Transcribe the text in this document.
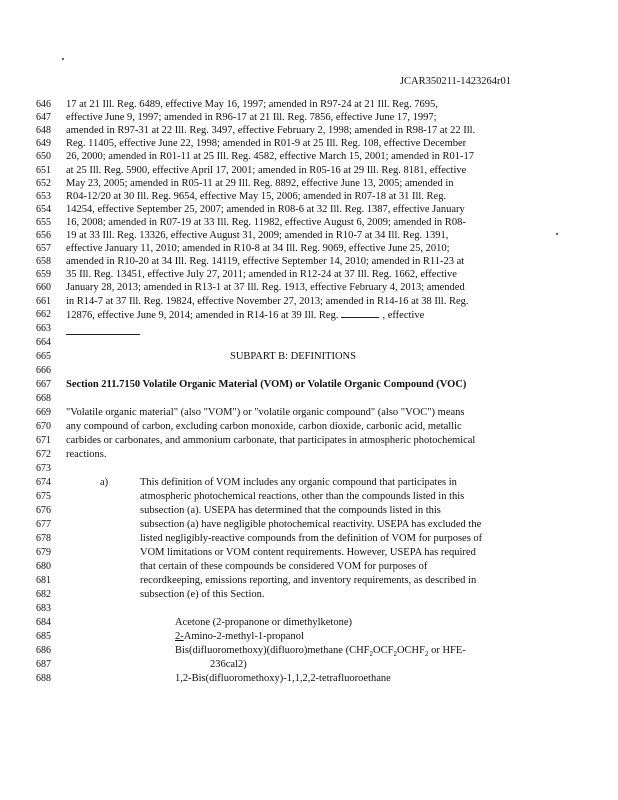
JCAR350211-1423264r01
646	17 at 21 Ill. Reg. 6489, effective May 16, 1997; amended in R97-24 at 21 Ill. Reg. 7695,
647	effective June 9, 1997; amended in R96-17 at 21 Ill. Reg. 7856, effective June 17, 1997;
648	amended in R97-31 at 22 Ill. Reg. 3497, effective February 2, 1998; amended in R98-17 at 22 Ill.
649	Reg. 11405, effective June 22, 1998; amended in R01-9 at 25 Ill. Reg. 108, effective December
650	26, 2000; amended in R01-11 at 25 Ill. Reg. 4582, effective March 15, 2001; amended in R01-17
651	at 25 Ill. Reg. 5900, effective April 17, 2001; amended in R05-16 at 29 Ill. Reg. 8181, effective
652	May 23, 2005; amended in R05-11 at 29 Ill. Reg. 8892, effective June 13, 2005; amended in
653	R04-12/20 at 30 Ill. Reg. 9654, effective May 15, 2006; amended in R07-18 at 31 Ill. Reg.
654	14254, effective September 25, 2007; amended in R08-6 at 32 Ill. Reg. 1387, effective January
655	16, 2008; amended in R07-19 at 33 Ill. Reg. 11982, effective August 6, 2009; amended in R08-
656	19 at 33 Ill. Reg. 13326, effective August 31, 2009; amended in R10-7 at 34 Ill. Reg. 1391,
657	effective January 11, 2010; amended in R10-8 at 34 Ill. Reg. 9069, effective June 25, 2010;
658	amended in R10-20 at 34 Ill. Reg. 14119, effective September 14, 2010; amended in R11-23 at
659	35 Ill. Reg. 13451, effective July 27, 2011; amended in R12-24 at 37 Ill. Reg. 1662, effective
660	January 28, 2013; amended in R13-1 at 37 Ill. Reg. 1913, effective February 4, 2013; amended
661	in R14-7 at 37 Ill. Reg. 19824, effective November 27, 2013; amended in R14-16 at 38 Ill. Reg.
662	12876, effective June 9, 2014; amended in R14-16 at 39 Ill. Reg.	, effective
663
664
665	SUBPART B: DEFINITIONS
666
667	Section 211.7150 Volatile Organic Material (VOM) or Volatile Organic Compound (VOC)
668
669	"Volatile organic material" (also "VOM") or "volatile organic compound" (also "VOC") means
670	any compound of carbon, excluding carbon monoxide, carbon dioxide, carbonic acid, metallic
671	carbides or carbonates, and ammonium carbonate, that participates in atmospheric photochemical
672	reactions.
673
674	a)	This definition of VOM includes any organic compound that participates in
675	atmospheric photochemical reactions, other than the compounds listed in this
676	subsection (a). USEPA has determined that the compounds listed in this
677	subsection (a) have negligible photochemical reactivity. USEPA has excluded the
678	listed negligibly-reactive compounds from the definition of VOM for purposes of
679	VOM limitations or VOM content requirements. However, USEPA has required
680	that certain of these compounds be considered VOM for purposes of
681	recordkeeping, emissions reporting, and inventory requirements, as described in
682	subsection (e) of this Section.
683
684	Acetone (2-propanone or dimethylketone)
685	2-Amino-2-methyl-1-propanol
686	Bis(difluoromethoxy)(difluoro)methane ($CHF_2OCF_2OCHF_2$ or HFE-
687	236cal2)
688	1,2-Bis(difluoromethoxy)-1,1,2,2-tetrafluoroethane
